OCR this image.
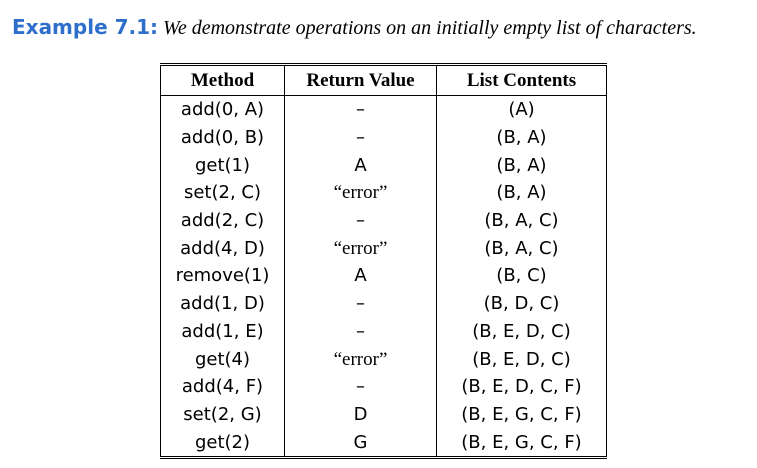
Example 7.1: We demonstrate operations on an initially empty list of characters.
Method	Return Value	List Contents
add(0, A)	–	(A)
add(0, B)	–	(B, A)
get(1)	A	(B, A)
set(2, C)	“error”	(B, A)
add(2, C)	–	(B, A, C)
add(4, D)	“error”	(B, A, C)
remove(1)	A	(B, C)
add(1, D)	–	(B, D, C)
add(1, E)	–	(B, E, D, C)
get(4)	“error”	(B, E, D, C)
add(4, F)	–	(B, E, D, C, F)
set(2, G)	D	(B, E, G, C, F)
get(2)	G	(B, E, G, C, F)
